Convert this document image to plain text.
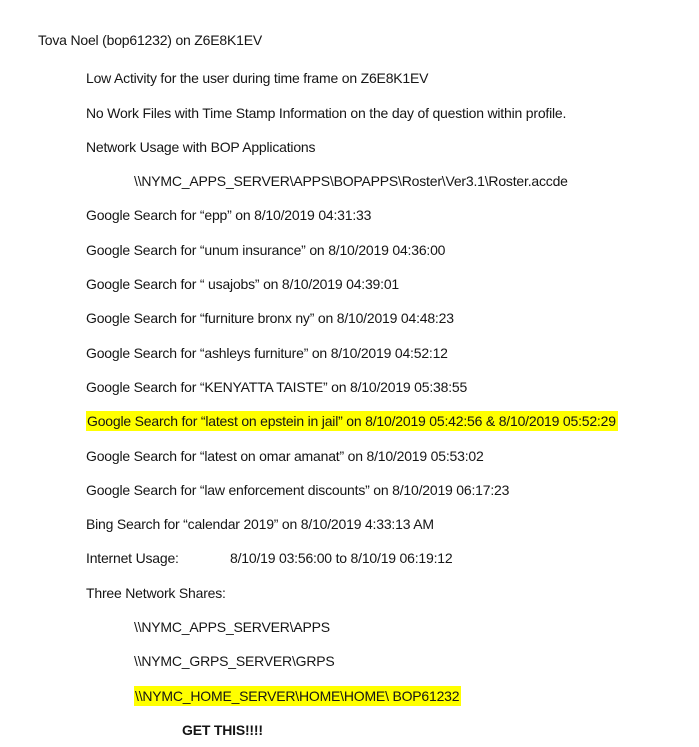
Tova Noel (bop61232) on Z6E8K1EV

Low Activity for the user during time frame on Z6E8K1EV

No Work Files with Time Stamp Information on the day of question within profile.

Network Usage with BOP Applications

\\NYMC_APPS_SERVER\APPS\BOPAPPS\Roster\Ver3.1\Roster.accde

Google Search for “epp” on 8/10/2019 04:31:33

Google Search for “unum insurance” on 8/10/2019 04:36:00

Google Search for “ usajobs” on 8/10/2019 04:39:01

Google Search for “furniture bronx ny” on 8/10/2019 04:48:23

Google Search for “ashleys furniture” on 8/10/2019 04:52:12

Google Search for “KENYATTA TAISTE” on 8/10/2019 05:38:55

Google Search for “latest on epstein in jail” on 8/10/2019 05:42:56 & 8/10/2019 05:52:29

Google Search for “latest on omar amanat” on 8/10/2019 05:53:02

Google Search for “law enforcement discounts” on 8/10/2019 06:17:23

Bing Search for “calendar 2019” on 8/10/2019 4:33:13 AM

Internet Usage:	8/10/19 03:56:00 to 8/10/19 06:19:12

Three Network Shares:

\\NYMC_APPS_SERVER\APPS

\\NYMC_GRPS_SERVER\GRPS

\\NYMC_HOME_SERVER\HOME\HOME\ BOP61232

GET THIS!!!!
